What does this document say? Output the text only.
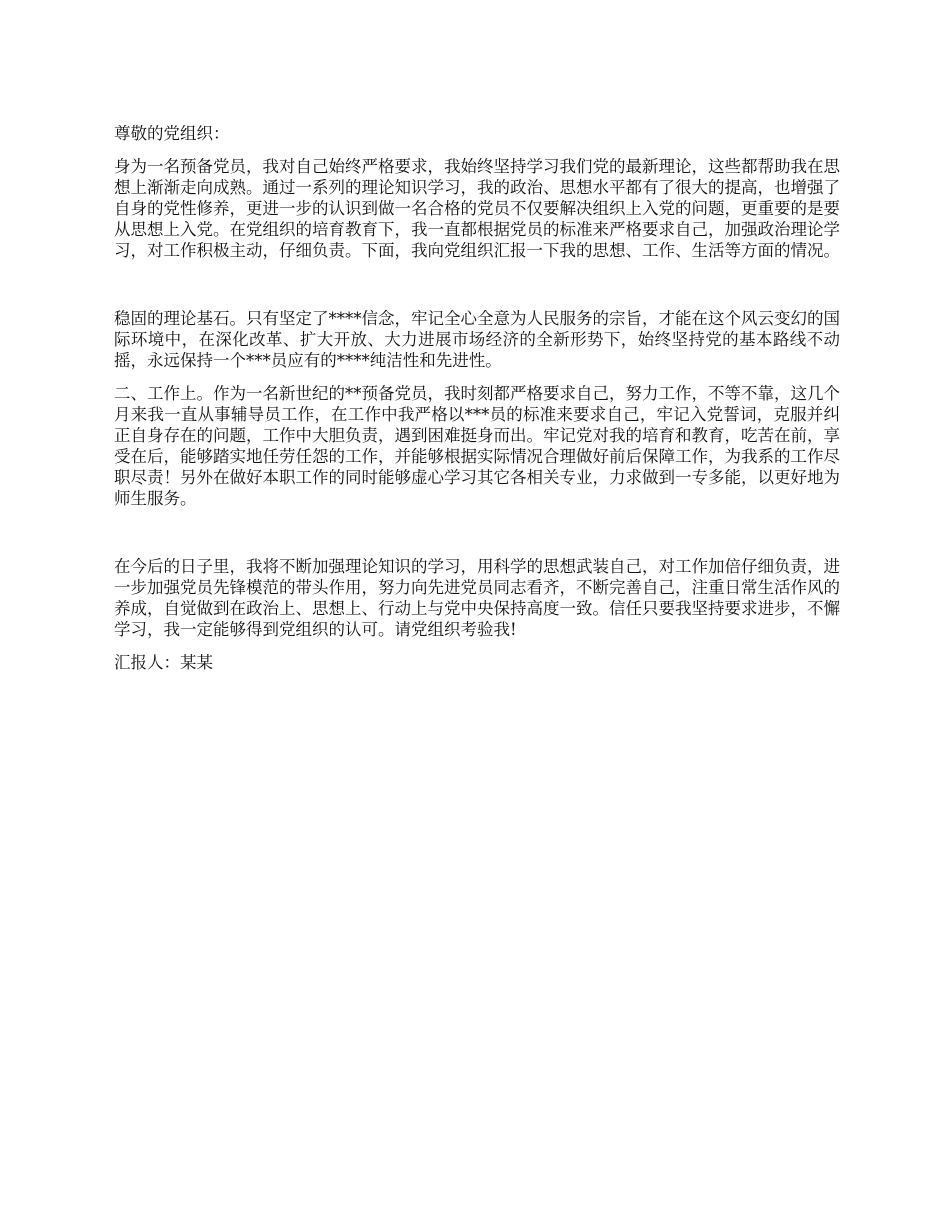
尊敬的党组织：

身为一名预备党员，我对自己始终严格要求，我始终坚持学习我们党的最新理论，这些都帮助我在思想上渐渐走向成熟。通过一系列的理论知识学习，我的政治、思想水平都有了很大的提高，也增强了自身的党性修养，更进一步的认识到做一名合格的党员不仅要解决组织上入党的问题，更重要的是要从思想上入党。在党组织的培育教育下，我一直都根据党员的标准来严格要求自己，加强政治理论学习，对工作积极主动，仔细负责。下面，我向党组织汇报一下我的思想、工作、生活等方面的情况。

稳固的理论基石。只有坚定了****信念，牢记全心全意为人民服务的宗旨，才能在这个风云变幻的国际环境中，在深化改革、扩大开放、大力进展市场经济的全新形势下，始终坚持党的基本路线不动摇，永远保持一个***员应有的****纯洁性和先进性。

二、工作上。作为一名新世纪的**预备党员，我时刻都严格要求自己，努力工作，不等不靠，这几个月来我一直从事辅导员工作，在工作中我严格以***员的标准来要求自己，牢记入党誓词，克服并纠正自身存在的问题，工作中大胆负责，遇到困难挺身而出。牢记党对我的培育和教育，吃苦在前，享受在后，能够踏实地任劳任怨的工作，并能够根据实际情况合理做好前后保障工作，为我系的工作尽职尽责！另外在做好本职工作的同时能够虚心学习其它各相关专业，力求做到一专多能，以更好地为师生服务。

在今后的日子里，我将不断加强理论知识的学习，用科学的思想武装自己，对工作加倍仔细负责，进一步加强党员先锋模范的带头作用，努力向先进党员同志看齐，不断完善自己，注重日常生活作风的养成，自觉做到在政治上、思想上、行动上与党中央保持高度一致。信任只要我坚持要求进步，不懈学习，我一定能够得到党组织的认可。请党组织考验我!

汇报人：某某
